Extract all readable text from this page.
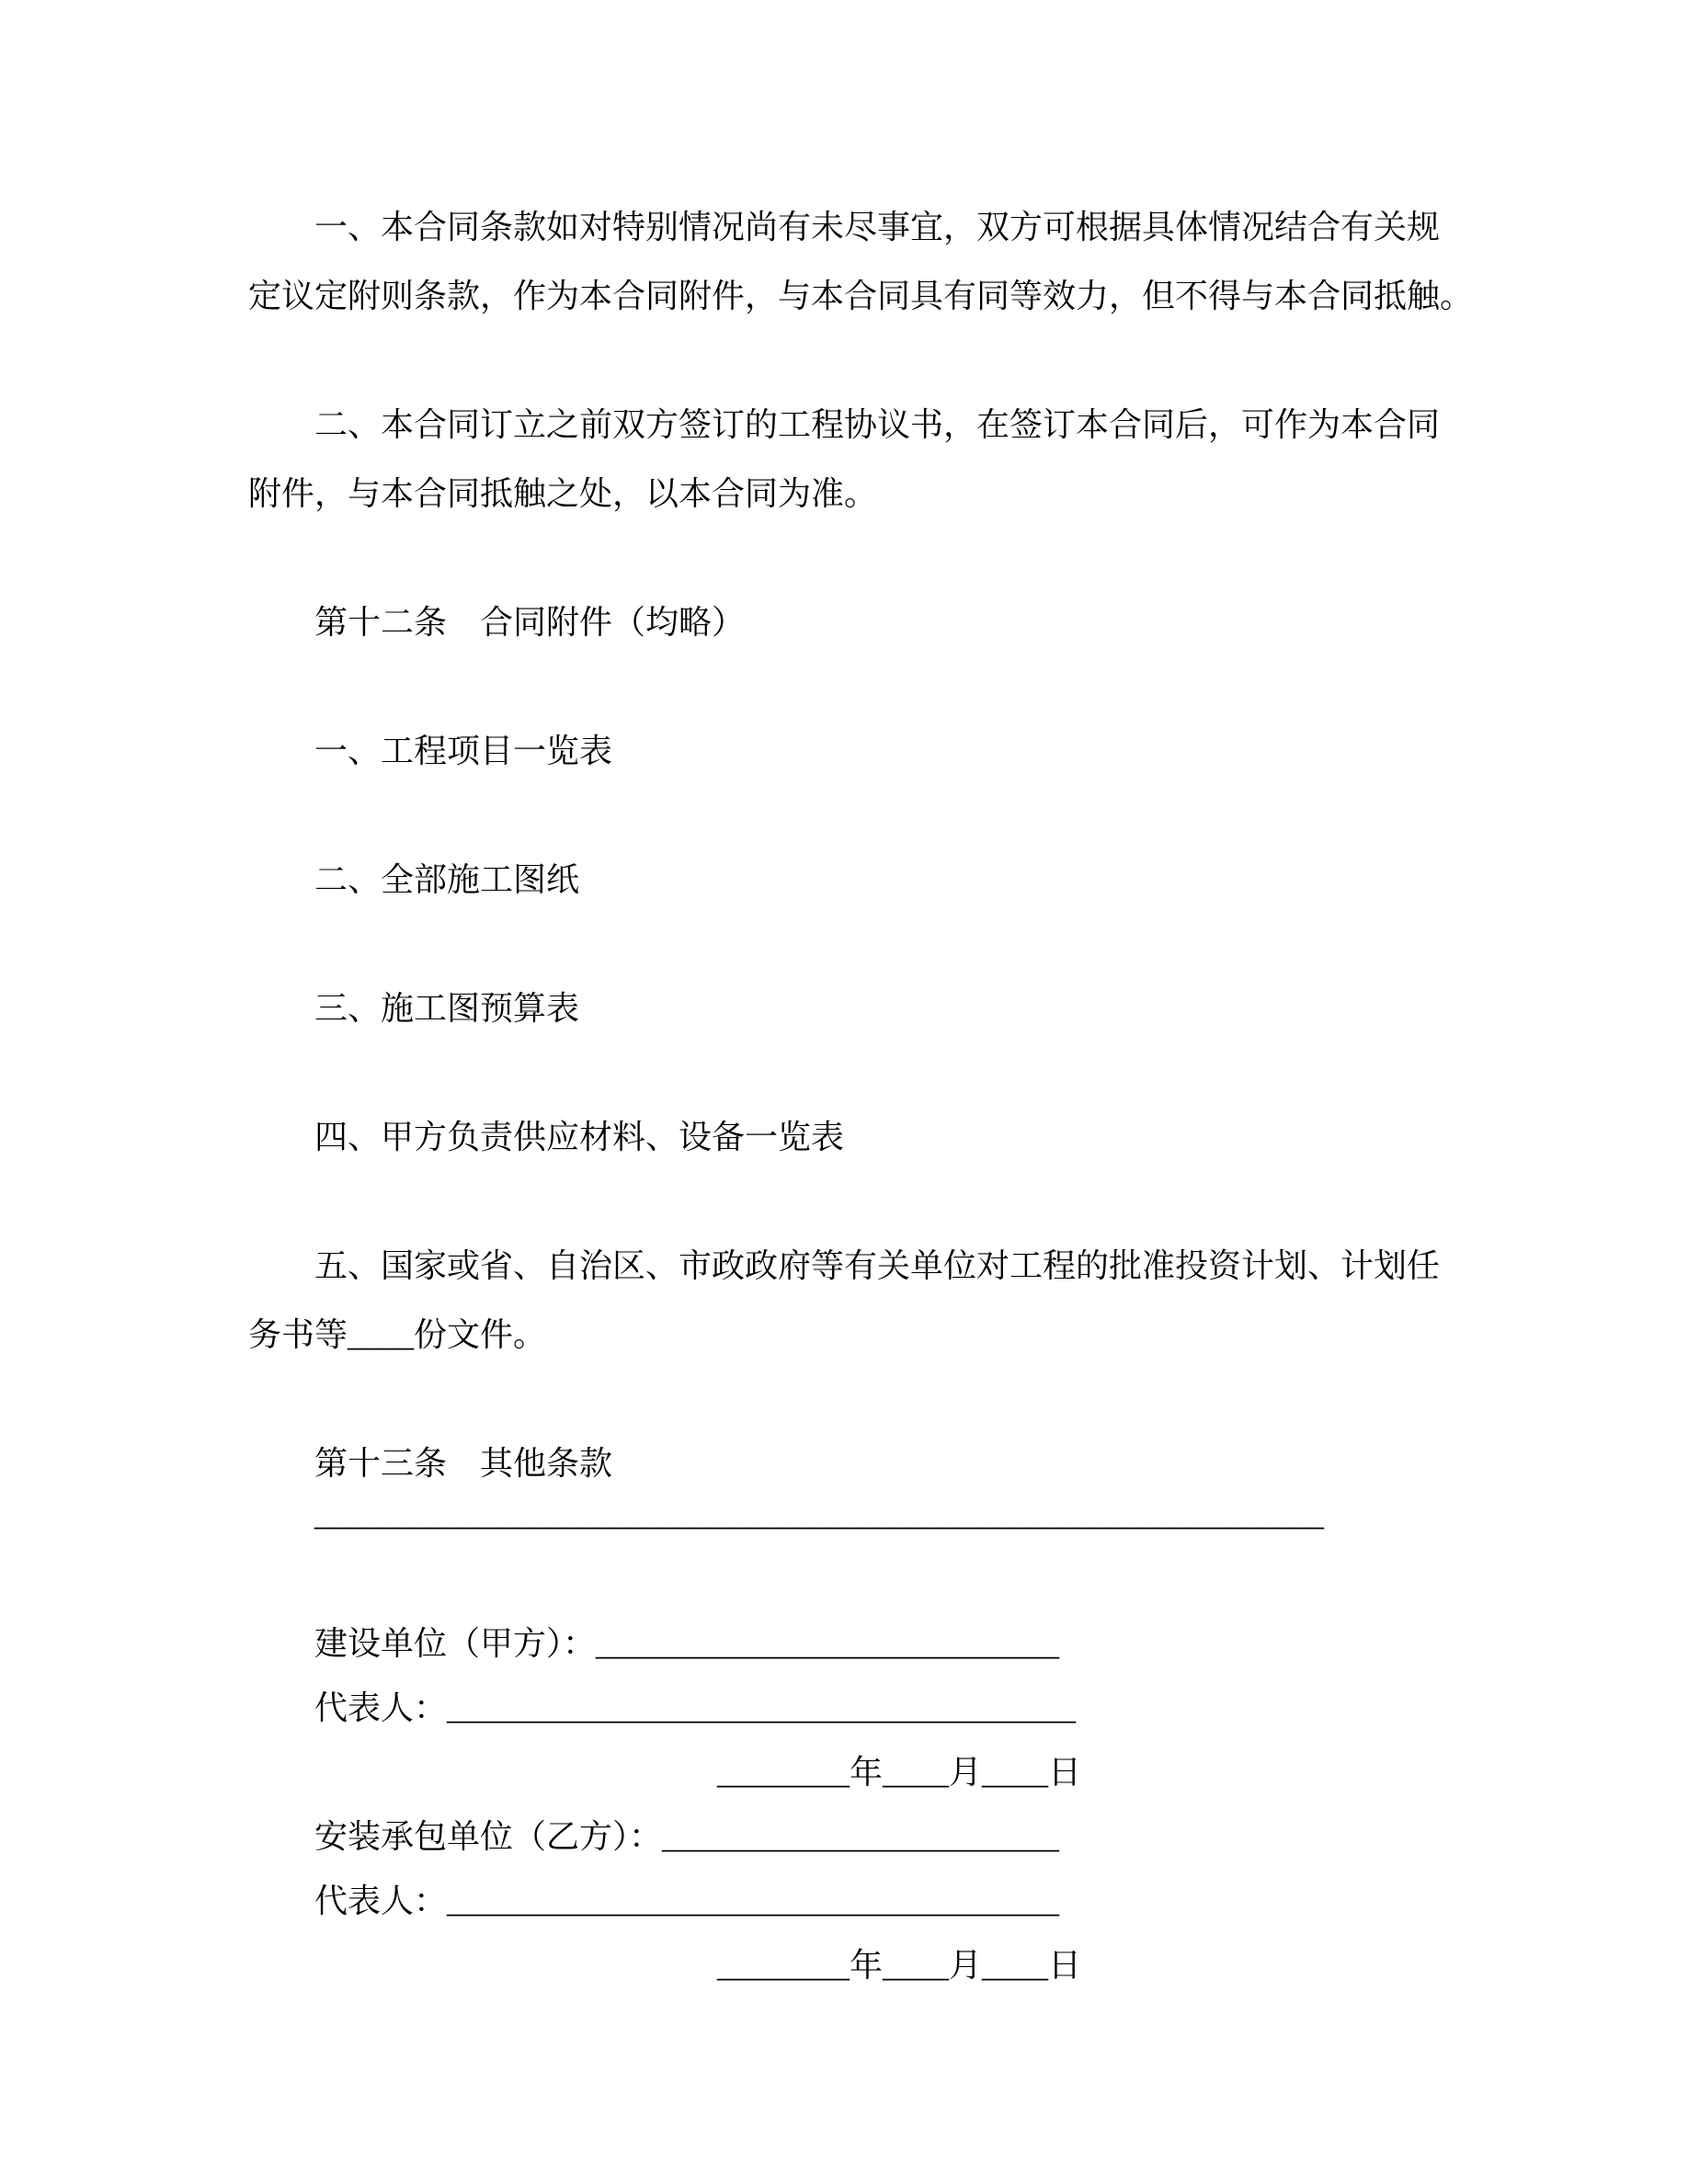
一、本合同条款如对特别情况尚有未尽事宜，双方可根据具体情况结合有关规
定议定附则条款，作为本合同附件，与本合同具有同等效力，但不得与本合同抵触。
二、本合同订立之前双方签订的工程协议书，在签订本合同后，可作为本合同
附件，与本合同抵触之处，以本合同为准。
第十二条　合同附件（均略）
一、工程项目一览表
二、全部施工图纸
三、施工图预算表
四、甲方负责供应材料、设备一览表
五、国家或省、自治区、市政政府等有关单位对工程的批准投资计划、计划任
务书等____份文件。
第十三条　其他条款
_____________________________________________________________
建设单位（甲方）：____________________________
代表人：______________________________________
________年____月____日
安装承包单位（乙方）：________________________
代表人：_____________________________________
________年____月____日
